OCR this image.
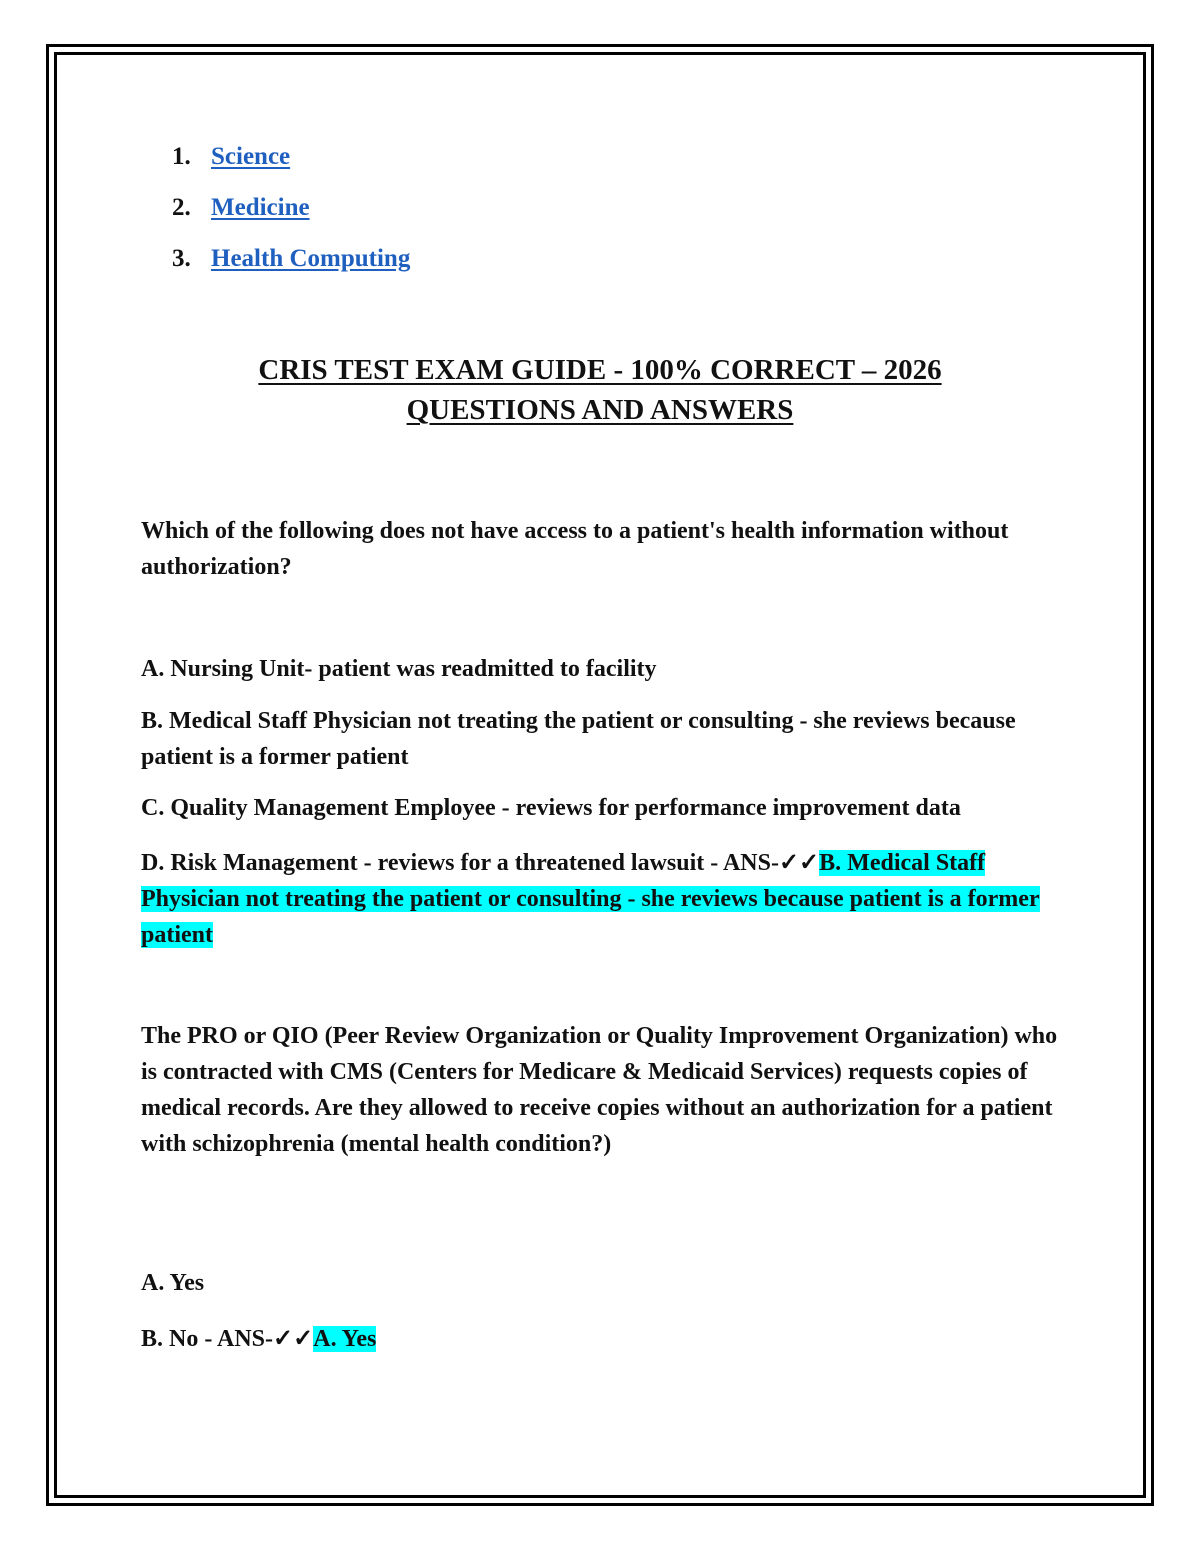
1. Science
2. Medicine
3. Health Computing
CRIS TEST EXAM GUIDE - 100% CORRECT – 2026
QUESTIONS AND ANSWERS

Which of the following does not have access to a patient's health information without authorization?

A. Nursing Unit- patient was readmitted to facility

B. Medical Staff Physician not treating the patient or consulting - she reviews because patient is a former patient

C. Quality Management Employee - reviews for performance improvement data

D. Risk Management - reviews for a threatened lawsuit - ANS-✓✓B. Medical Staff Physician not treating the patient or consulting - she reviews because patient is a former patient

The PRO or QIO (Peer Review Organization or Quality Improvement Organization) who is contracted with CMS (Centers for Medicare & Medicaid Services) requests copies of medical records. Are they allowed to receive copies without an authorization for a patient with schizophrenia (mental health condition?)

A. Yes

B. No - ANS-✓✓A. Yes
